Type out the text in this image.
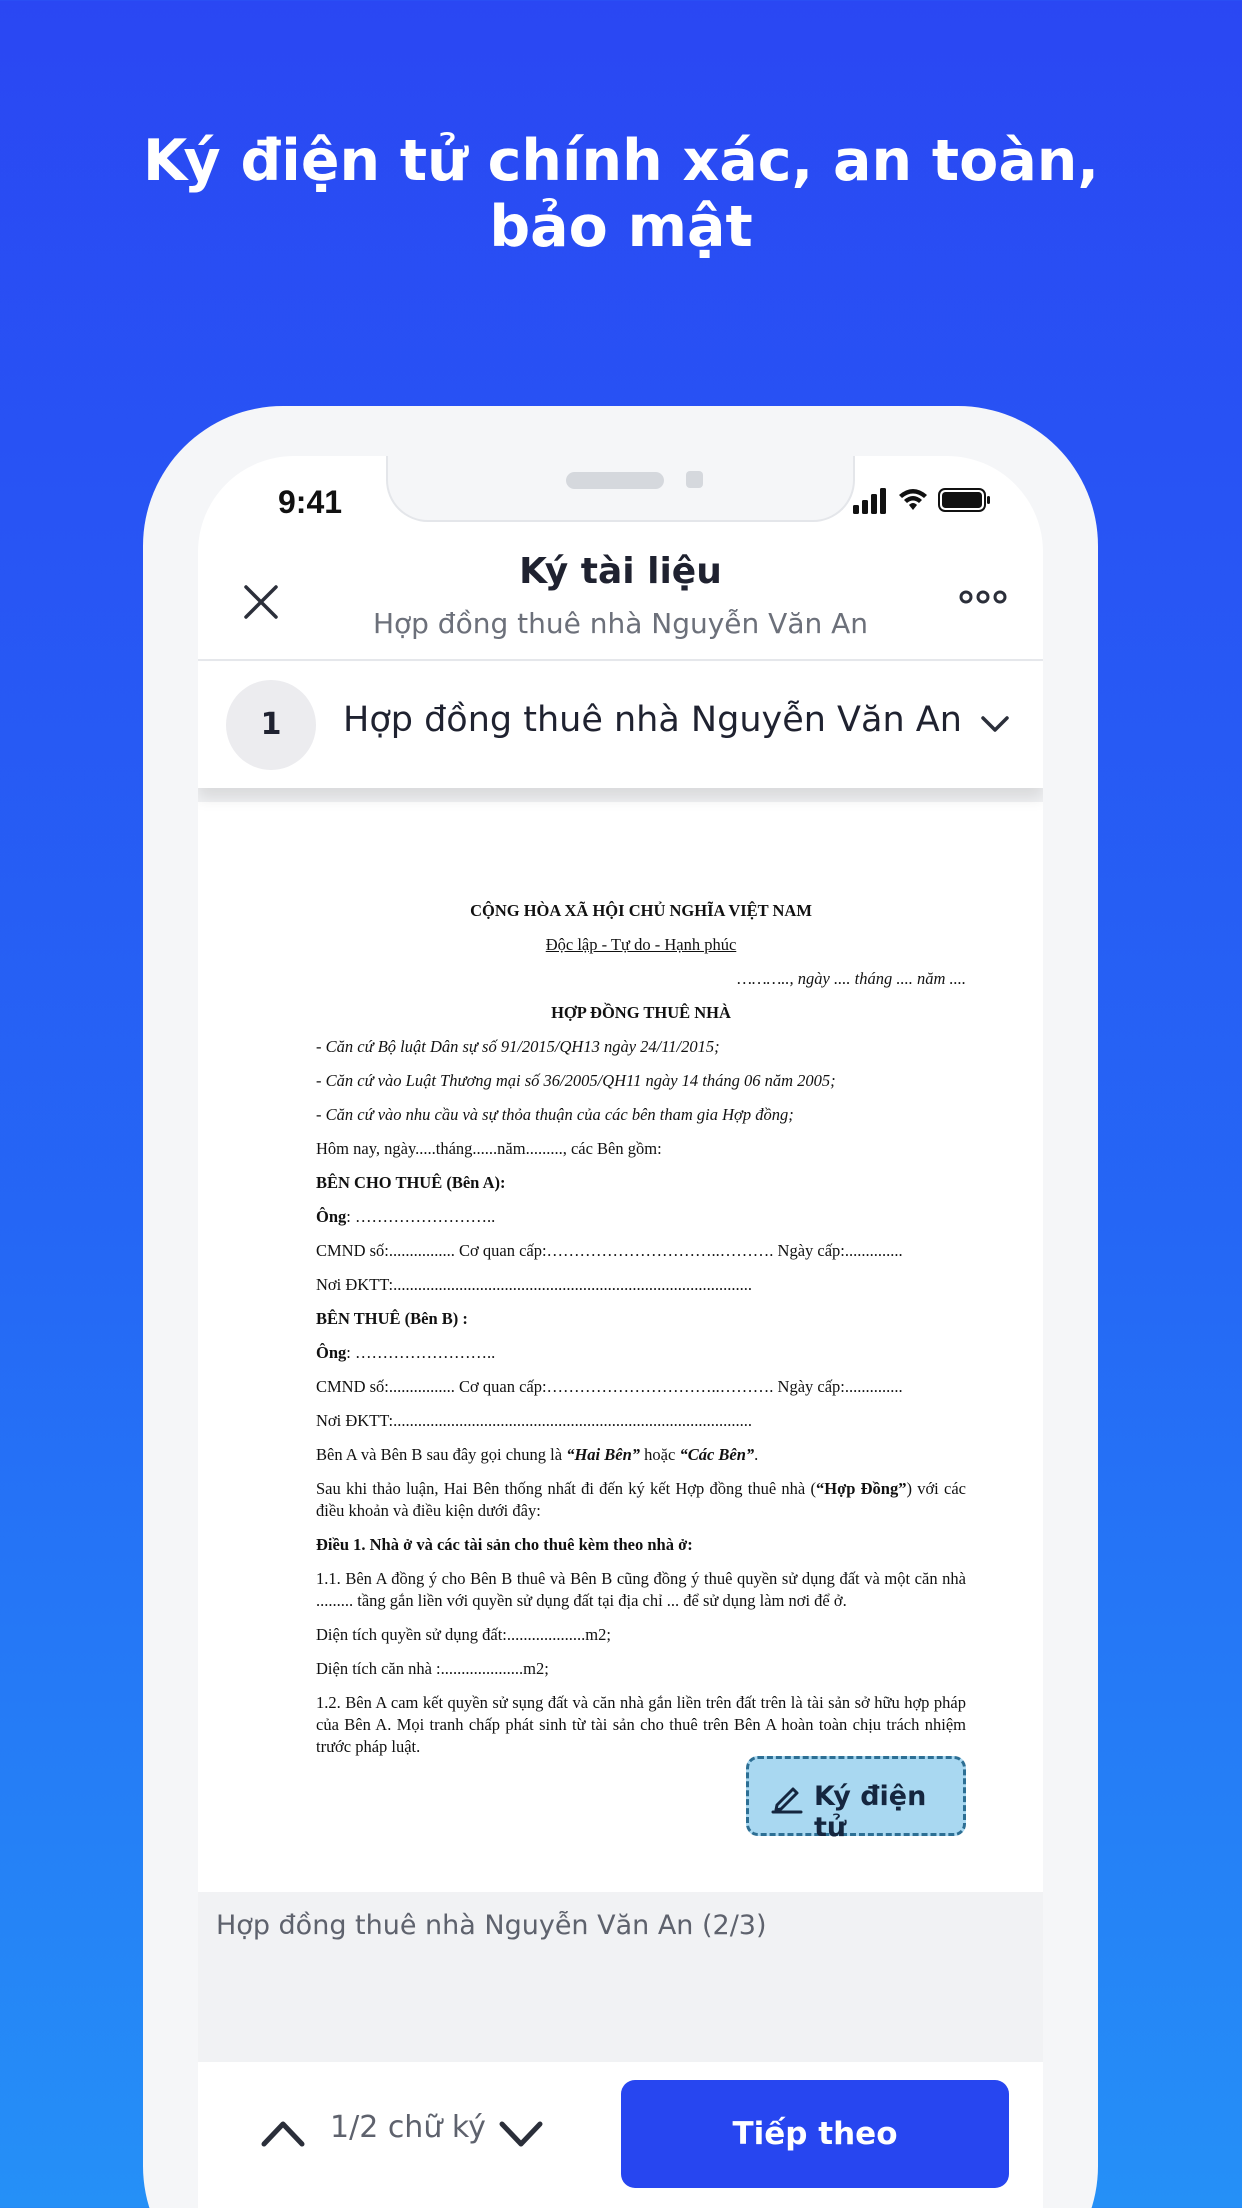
Ký điện tử chính xác, an toàn,
bảo mật
9:41
Ký tài liệu
Hợp đồng thuê nhà Nguyễn Văn An
1	Hợp đồng thuê nhà Nguyễn Văn An

CỘNG HÒA XÃ HỘI CHỦ NGHĨA VIỆT NAM

Độc lập - Tự do - Hạnh phúc

……….., ngày .... tháng .... năm ....

HỢP ĐỒNG THUÊ NHÀ

- Căn cứ Bộ luật Dân sự số 91/2015/QH13 ngày 24/11/2015;

- Căn cứ vào Luật Thương mại số 36/2005/QH11 ngày 14 tháng 06 năm 2005;

- Căn cứ vào nhu cầu và sự thỏa thuận của các bên tham gia Hợp đồng;

Hôm nay, ngày.....tháng......năm........., các Bên gồm:

BÊN CHO THUÊ (Bên A):

Ông: ……………………..

CMND số:................ Cơ quan cấp:…………………………..………. Ngày cấp:..............

Nơi ĐKTT:.......................................................................................

BÊN THUÊ (Bên B) :

Ông: ……………………..

CMND số:................ Cơ quan cấp:…………………………..………. Ngày cấp:..............

Nơi ĐKTT:.......................................................................................

Bên A và Bên B sau đây gọi chung là “Hai Bên” hoặc “Các Bên”.

Sau khi thảo luận, Hai Bên thống nhất đi đến ký kết Hợp đồng thuê nhà (“Hợp Đồng”) với các điều khoản và điều kiện dưới đây:

Điều 1. Nhà ở và các tài sản cho thuê kèm theo nhà ở:

1.1. Bên A đồng ý cho Bên B thuê và Bên B cũng đồng ý thuê quyền sử dụng đất và một căn nhà ......... tầng gắn liền với quyền sử dụng đất tại địa chỉ ... để sử dụng làm nơi để ở.

Diện tích quyền sử dụng đất:...................m2;

Diện tích căn nhà :....................m2;

1.2. Bên A cam kết quyền sử sụng đất và căn nhà gắn liền trên đất trên là tài sản sở hữu hợp pháp của Bên A. Mọi tranh chấp phát sinh từ tài sản cho thuê trên Bên A hoàn toàn chịu trách nhiệm trước pháp luật.

Ký điện tử
Hợp đồng thuê nhà Nguyễn Văn An (2/3)
1/2 chữ ký	Tiếp theo
